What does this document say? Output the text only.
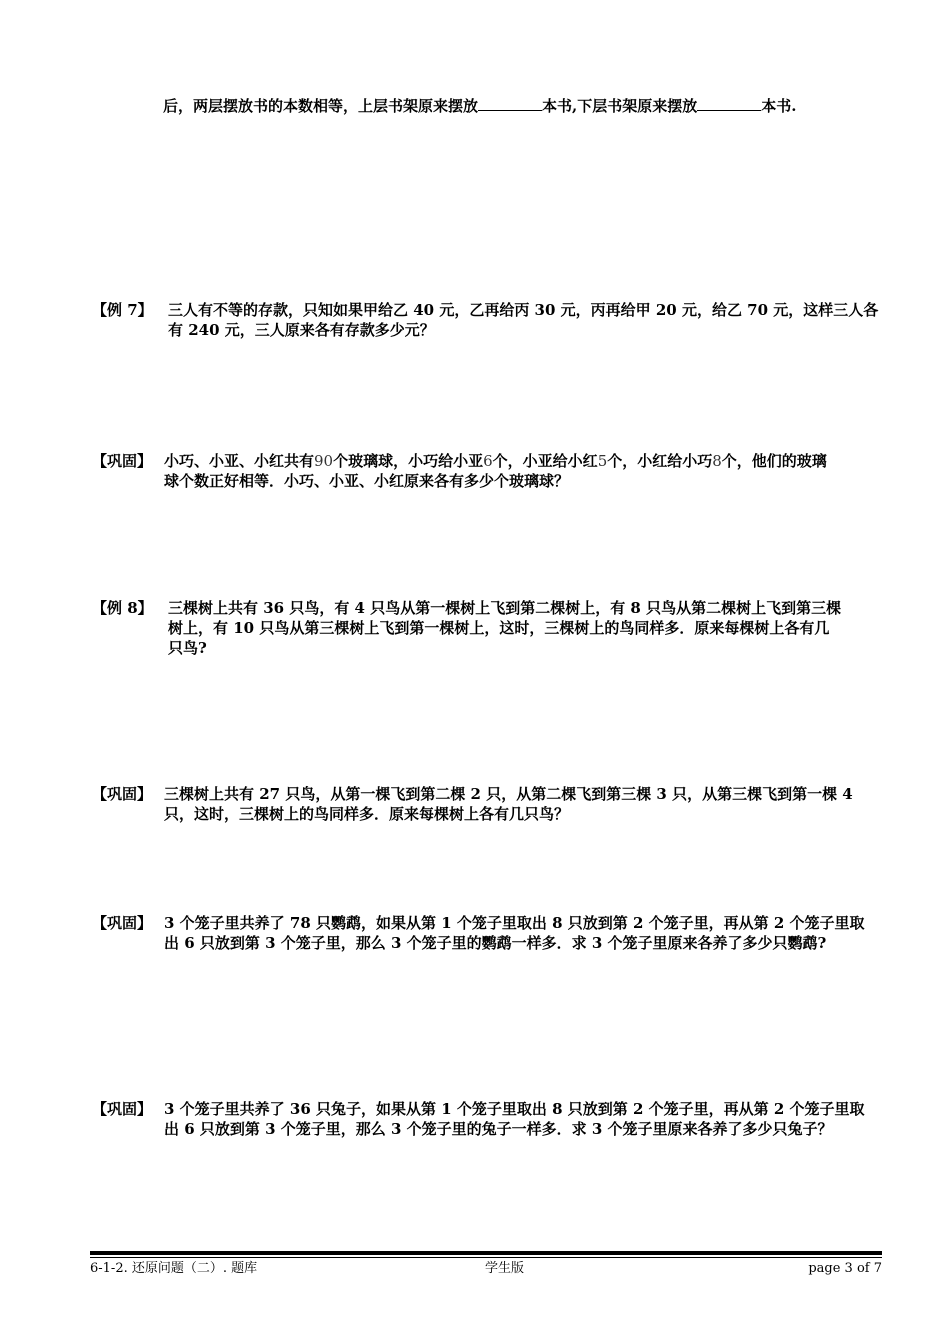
后，两层摆放书的本数相等，上层书架原来摆放	本书,下层书架原来摆放	本书.
【例 7】 三人有不等的存款，只知如果甲给乙 40 元，乙再给丙 30 元，丙再给甲 20 元，给乙 70 元，这样三人各
有 240 元，三人原来各有存款多少元？
【巩固】 小巧、小亚、小红共有90个玻璃球，小巧给小亚6个，小亚给小红5个，小红给小巧8个，他们的玻璃
球个数正好相等．小巧、小亚、小红原来各有多少个玻璃球？
【例 8】 三棵树上共有 36 只鸟，有 4 只鸟从第一棵树上飞到第二棵树上，有 8 只鸟从第二棵树上飞到第三棵
树上，有 10 只鸟从第三棵树上飞到第一棵树上，这时，三棵树上的鸟同样多．原来每棵树上各有几
只鸟?
【巩固】 三棵树上共有 27 只鸟，从第一棵飞到第二棵 2 只，从第二棵飞到第三棵 3 只，从第三棵飞到第一棵 4
只，这时，三棵树上的鸟同样多．原来每棵树上各有几只鸟？
【巩固】 3 个笼子里共养了 78 只鹦鹉，如果从第 1 个笼子里取出 8 只放到第 2 个笼子里，再从第 2 个笼子里取
出 6 只放到第 3 个笼子里，那么 3 个笼子里的鹦鹉一样多．求 3 个笼子里原来各养了多少只鹦鹉?
【巩固】 3 个笼子里共养了 36 只兔子，如果从第 1 个笼子里取出 8 只放到第 2 个笼子里，再从第 2 个笼子里取
出 6 只放到第 3 个笼子里，那么 3 个笼子里的兔子一样多．求 3 个笼子里原来各养了多少只兔子？
6-1-2. 还原问题（二）. 题库	学生版	page 3 of 7
